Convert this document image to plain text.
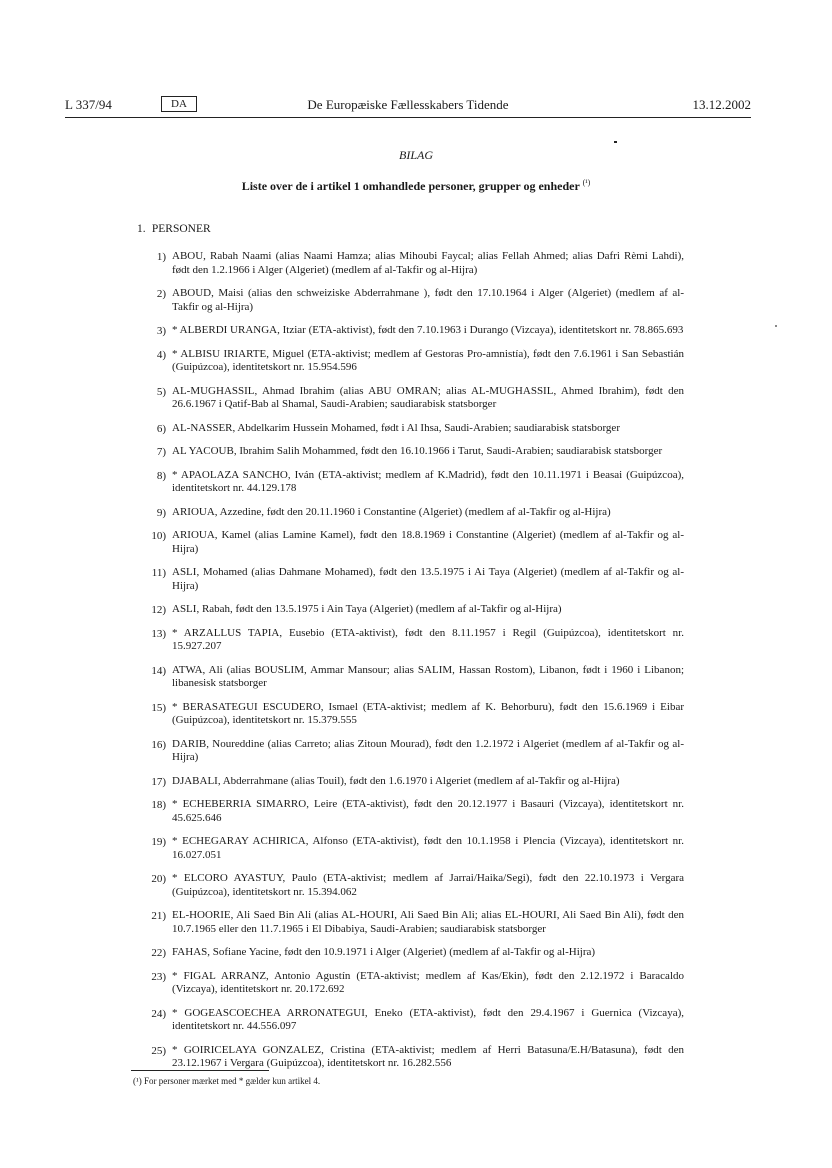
L 337/94	DA	De Europæiske Fællesskabers Tidende	13.12.2002
BILAG
Liste over de i artikel 1 omhandlede personer, grupper og enheder $^{(^1)}$
1. PERSONER
1) ABOU, Rabah Naami (alias Naami Hamza; alias Mihoubi Faycal; alias Fellah Ahmed; alias Dafri Rèmi Lahdi), født den 1.2.1966 i Alger (Algeriet) (medlem af al-Takfir og al-Hijra)
2) ABOUD, Maisi (alias den schweiziske Abderrahmane ), født den 17.10.1964 i Alger (Algeriet) (medlem af al-Takfir og al-Hijra)
3) * ALBERDI URANGA, Itziar (ETA-aktivist), født den 7.10.1963 i Durango (Vizcaya), identitetskort nr. 78.865.693
4) * ALBISU IRIARTE, Miguel (ETA-aktivist; medlem af Gestoras Pro-amnistía), født den 7.6.1961 i San Sebastián (Guipúzcoa), identitetskort nr. 15.954.596
5) AL-MUGHASSIL, Ahmad Ibrahim (alias ABU OMRAN; alias AL-MUGHASSIL, Ahmed Ibrahim), født den 26.6.1967 i Qatif-Bab al Shamal, Saudi-Arabien; saudiarabisk statsborger
6) AL-NASSER, Abdelkarim Hussein Mohamed, født i Al Ihsa, Saudi-Arabien; saudiarabisk statsborger
7) AL YACOUB, Ibrahim Salih Mohammed, født den 16.10.1966 i Tarut, Saudi-Arabien; saudiarabisk statsborger
8) * APAOLAZA SANCHO, Iván (ETA-aktivist; medlem af K.Madrid), født den 10.11.1971 i Beasai (Guipúzcoa), identitetskort nr. 44.129.178
9) ARIOUA, Azzedine, født den 20.11.1960 i Constantine (Algeriet) (medlem af al-Takfir og al-Hijra)
10) ARIOUA, Kamel (alias Lamine Kamel), født den 18.8.1969 i Constantine (Algeriet) (medlem af al-Takfir og al-Hijra)
11) ASLI, Mohamed (alias Dahmane Mohamed), født den 13.5.1975 i Ai Taya (Algeriet) (medlem af al-Takfir og al-Hijra)
12) ASLI, Rabah, født den 13.5.1975 i Ain Taya (Algeriet) (medlem af al-Takfir og al-Hijra)
13) * ARZALLUS TAPIA, Eusebio (ETA-aktivist), født den 8.11.1957 i Regil (Guipúzcoa), identitetskort nr. 15.927.207
14) ATWA, Ali (alias BOUSLIM, Ammar Mansour; alias SALIM, Hassan Rostom), Libanon, født i 1960 i Libanon; libanesisk statsborger
15) * BERASATEGUI ESCUDERO, Ismael (ETA-aktivist; medlem af K. Behorburu), født den 15.6.1969 i Eibar (Guipúzcoa), identitetskort nr. 15.379.555
16) DARIB, Noureddine (alias Carreto; alias Zitoun Mourad), født den 1.2.1972 i Algeriet (medlem af al-Takfir og al-Hijra)
17) DJABALI, Abderrahmane (alias Touil), født den 1.6.1970 i Algeriet (medlem af al-Takfir og al-Hijra)
18) * ECHEBERRIA SIMARRO, Leire (ETA-aktivist), født den 20.12.1977 i Basauri (Vizcaya), identitetskort nr. 45.625.646
19) * ECHEGARAY ACHIRICA, Alfonso (ETA-aktivist), født den 10.1.1958 i Plencia (Vizcaya), identitetskort nr. 16.027.051
20) * ELCORO AYASTUY, Paulo (ETA-aktivist; medlem af Jarrai/Haika/Segi), født den 22.10.1973 i Vergara (Guipúzcoa), identitetskort nr. 15.394.062
21) EL-HOORIE, Ali Saed Bin Ali (alias AL-HOURI, Ali Saed Bin Ali; alias EL-HOURI, Ali Saed Bin Ali), født den 10.7.1965 eller den 11.7.1965 i El Dibabiya, Saudi-Arabien; saudiarabisk statsborger
22) FAHAS, Sofiane Yacine, født den 10.9.1971 i Alger (Algeriet) (medlem af al-Takfir og al-Hijra)
23) * FIGAL ARRANZ, Antonio Agustín (ETA-aktivist; medlem af Kas/Ekin), født den 2.12.1972 i Baracaldo (Vizcaya), identitetskort nr. 20.172.692
24) * GOGEASCOECHEA ARRONATEGUI, Eneko (ETA-aktivist), født den 29.4.1967 i Guernica (Vizcaya), identitetskort nr. 44.556.097
25) * GOIRICELAYA GONZALEZ, Cristina (ETA-aktivist; medlem af Herri Batasuna/E.H/Batasuna), født den 23.12.1967 i Vergara (Guipúzcoa), identitetskort nr. 16.282.556
(¹) For personer mærket med * gælder kun artikel 4.
